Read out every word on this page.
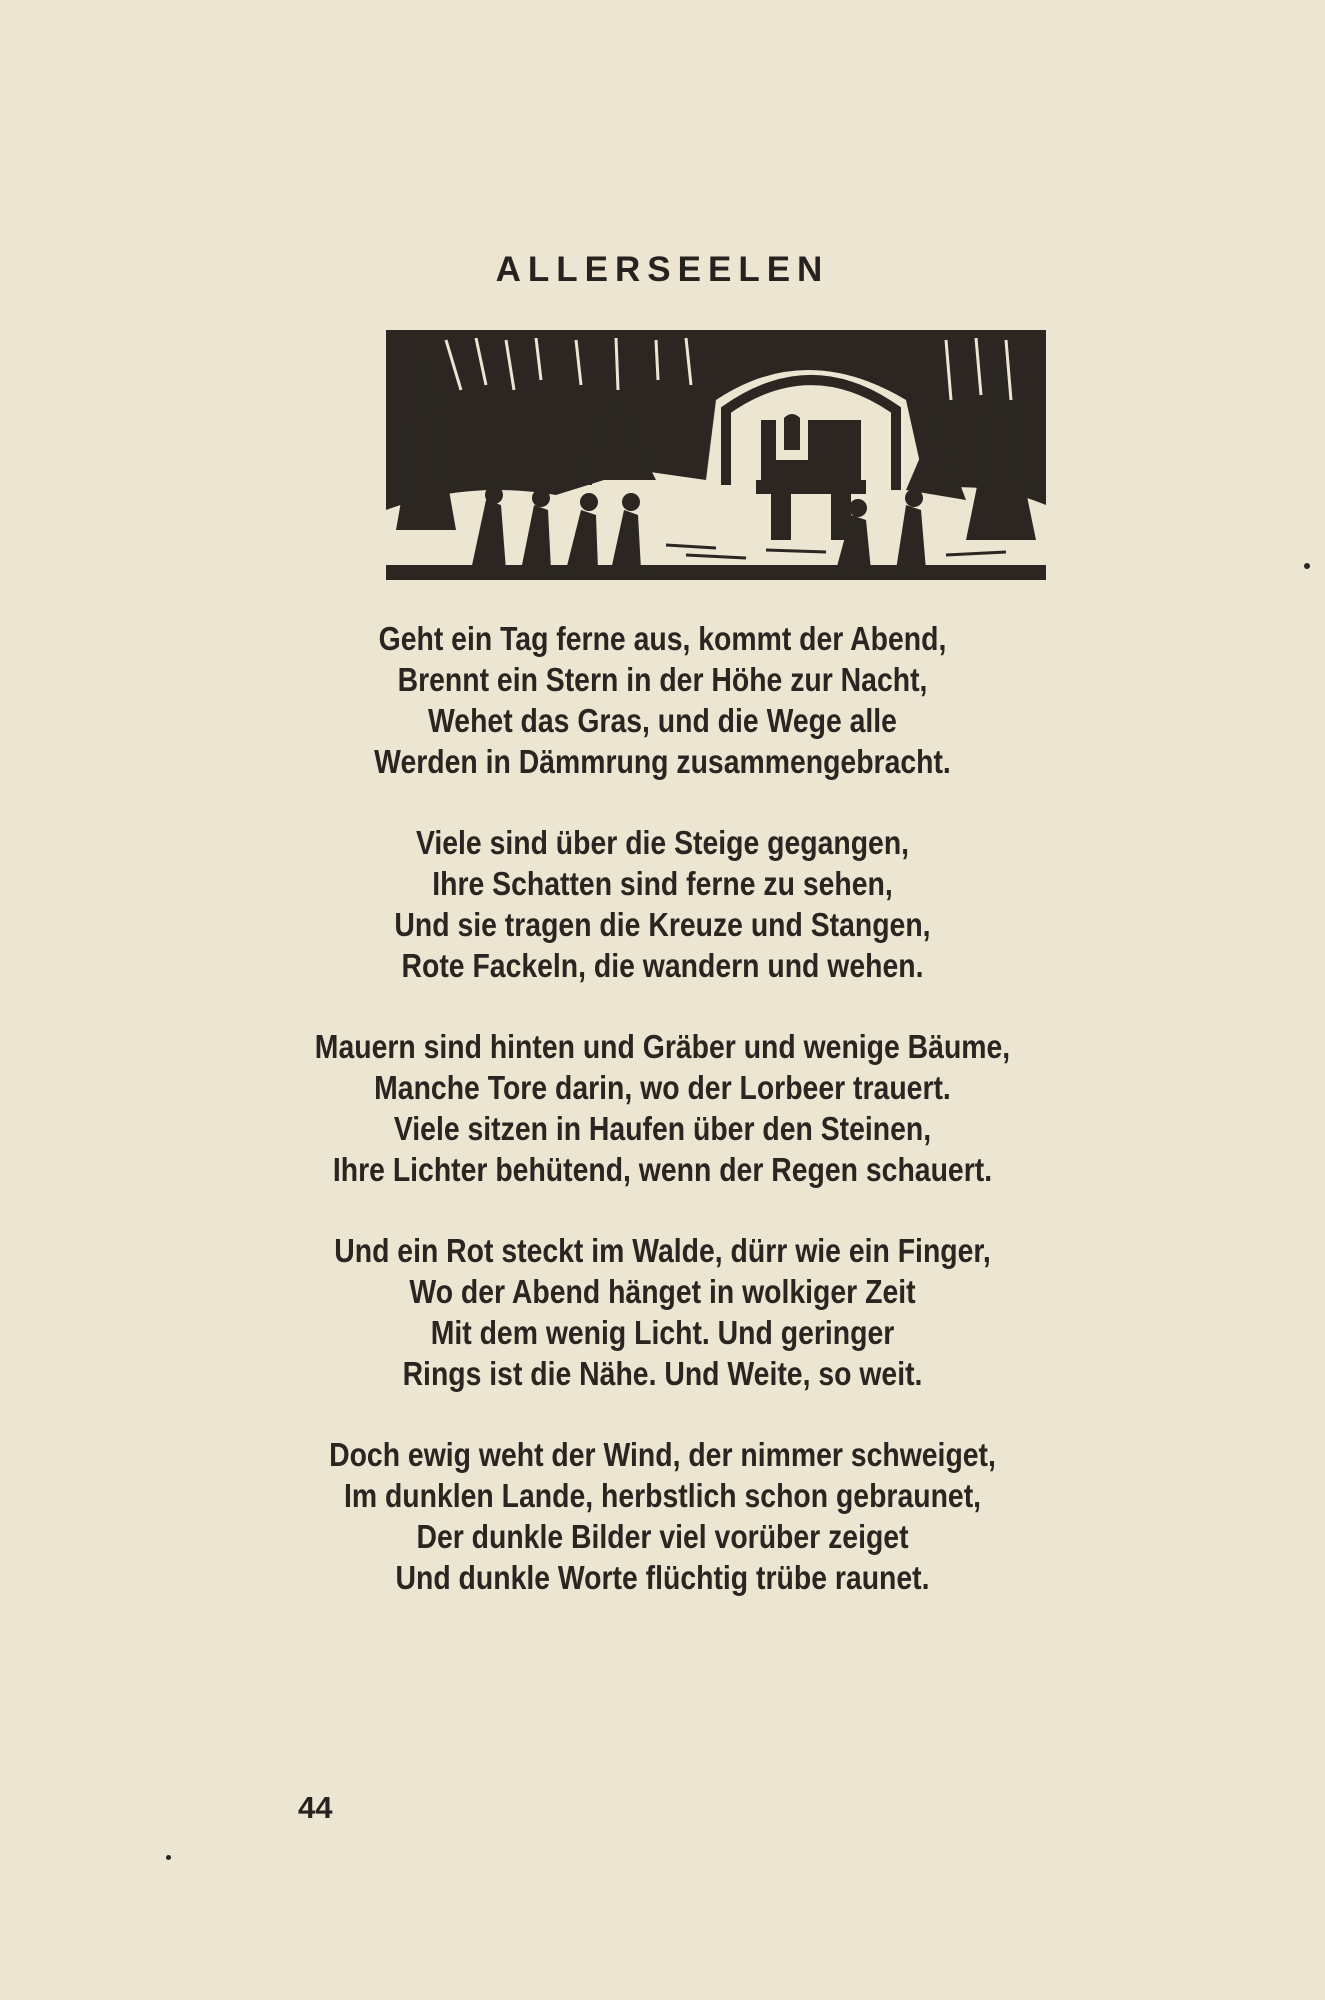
ALLERSEELEN
Geht ein Tag ferne aus, kommt der Abend,
Brennt ein Stern in der Höhe zur Nacht,
Wehet das Gras, und die Wege alle
Werden in Dämmrung zusammengebracht.
Viele sind über die Steige gegangen,
Ihre Schatten sind ferne zu sehen,
Und sie tragen die Kreuze und Stangen,
Rote Fackeln, die wandern und wehen.
Mauern sind hinten und Gräber und wenige Bäume,
Manche Tore darin, wo der Lorbeer trauert.
Viele sitzen in Haufen über den Steinen,
Ihre Lichter behütend, wenn der Regen schauert.
Und ein Rot steckt im Walde, dürr wie ein Finger,
Wo der Abend hänget in wolkiger Zeit
Mit dem wenig Licht. Und geringer
Rings ist die Nähe. Und Weite, so weit.
Doch ewig weht der Wind, der nimmer schweiget,
Im dunklen Lande, herbstlich schon gebraunet,
Der dunkle Bilder viel vorüber zeiget
Und dunkle Worte flüchtig trübe raunet.
44
